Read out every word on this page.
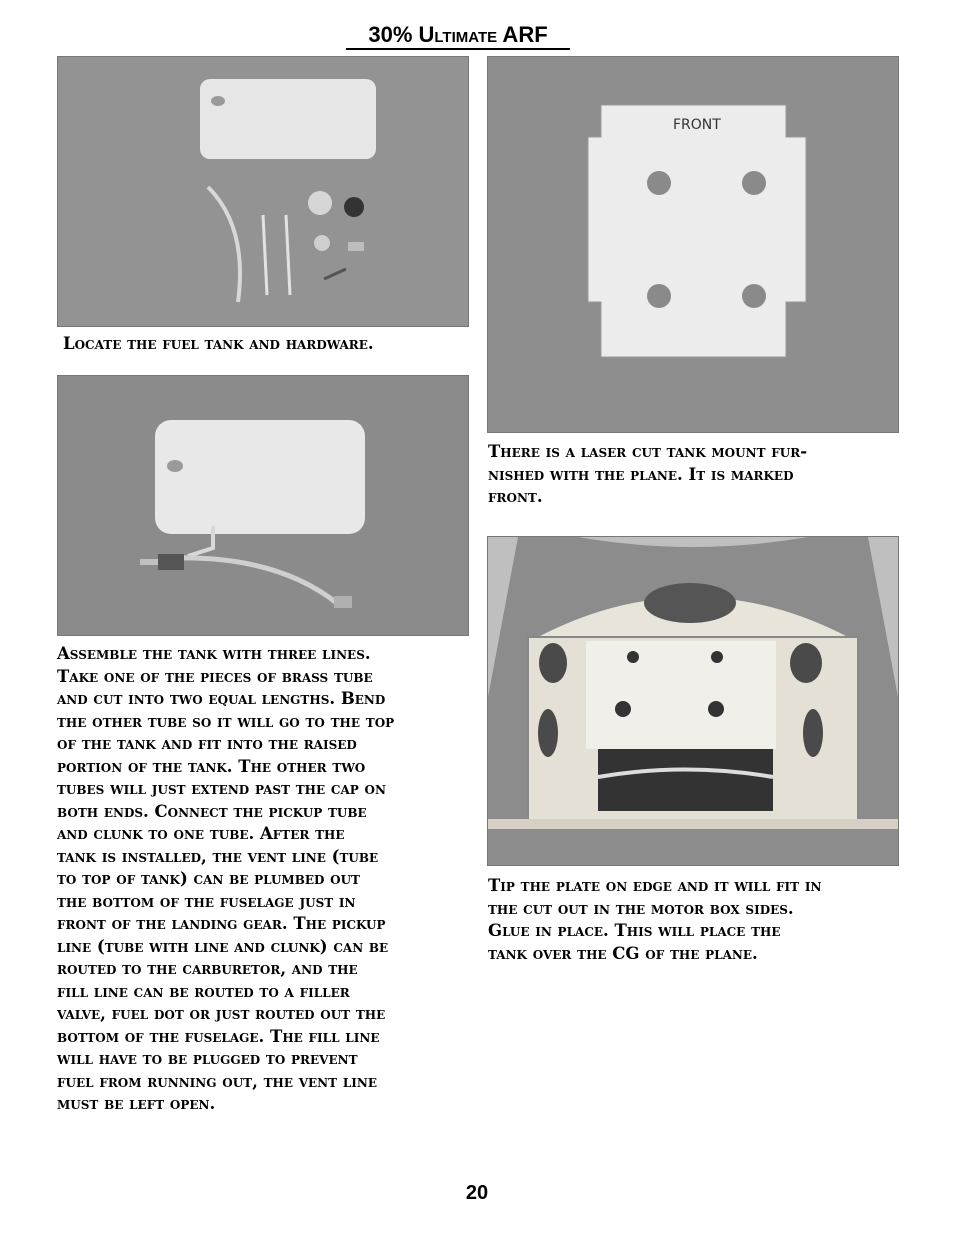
30% Ultimate ARF
FRONT
Locate the fuel tank and hardware.
There is a laser cut tank mount fur-
nished with the plane. It is marked
front.
Assemble the tank with three lines.
Take one of the pieces of brass tube
and cut into two equal lengths. Bend
the other tube so it will go to the top
of the tank and fit into the raised
portion of the tank. The other two
tubes will just extend past the cap on
both ends. Connect the pickup tube
and clunk to one tube. After the
tank is installed, the vent line (tube
to top of tank) can be plumbed out
the bottom of the fuselage just in
front of the landing gear. The pickup
line (tube with line and clunk) can be
routed to the carburetor, and the
fill line can be routed to a filler
valve, fuel dot or just routed out the
bottom of the fuselage. The fill line
will have to be plugged to prevent
fuel from running out, the vent line
must be left open.
Tip the plate on edge and it will fit in
the cut out in the motor box sides.
Glue in place. This will place the
tank over the CG of the plane.
20
